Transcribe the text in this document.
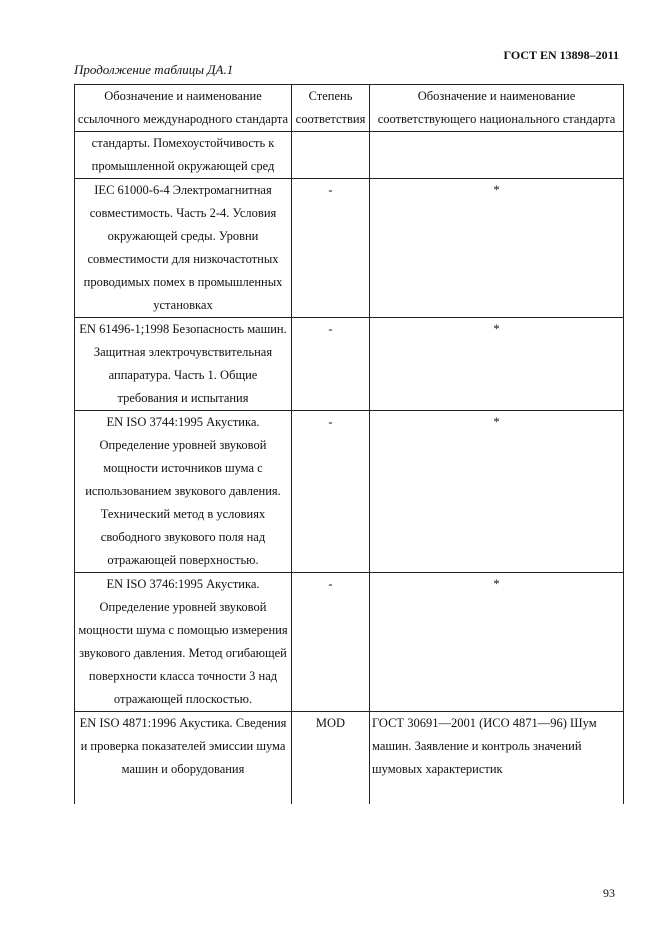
ГОСТ EN 13898–2011
Продолжение таблицы ДА.1
Обозначение и наименование ссылочного международного стандарта	Степень соответствия	Обозначение и наименование соответствующего национального стандарта
стандарты. Помехоустойчивость к промышленной окружающей сред		
IEC 61000-6-4 Электромагнитная совместимость. Часть 2-4. Условия окружающей среды. Уровни совместимости для низкочастотных проводимых помех в промышленных установках	-	*
EN 61496-1;1998 Безопасность машин. Защитная электрочувствительная аппаратура. Часть 1. Общие требования и испытания	-	*
EN ISO 3744:1995 Акустика. Определение уровней звуковой мощности источников шума с использованием звукового давления. Технический метод в условиях свободного звукового поля над отражающей поверхностью.	-	*
EN ISO 3746:1995 Акустика. Определение уровней звуковой мощности шума с помощью измерения звукового давления. Метод огибающей поверхности класса точности 3 над отражающей плоскостью.	-	*
EN ISO 4871:1996 Акустика. Сведения и проверка показателей эмиссии шума машин и оборудования	MOD	ГОСТ 30691—2001 (ИСО 4871—96) Шум машин. Заявление и контроль значений шумовых характеристик
93
